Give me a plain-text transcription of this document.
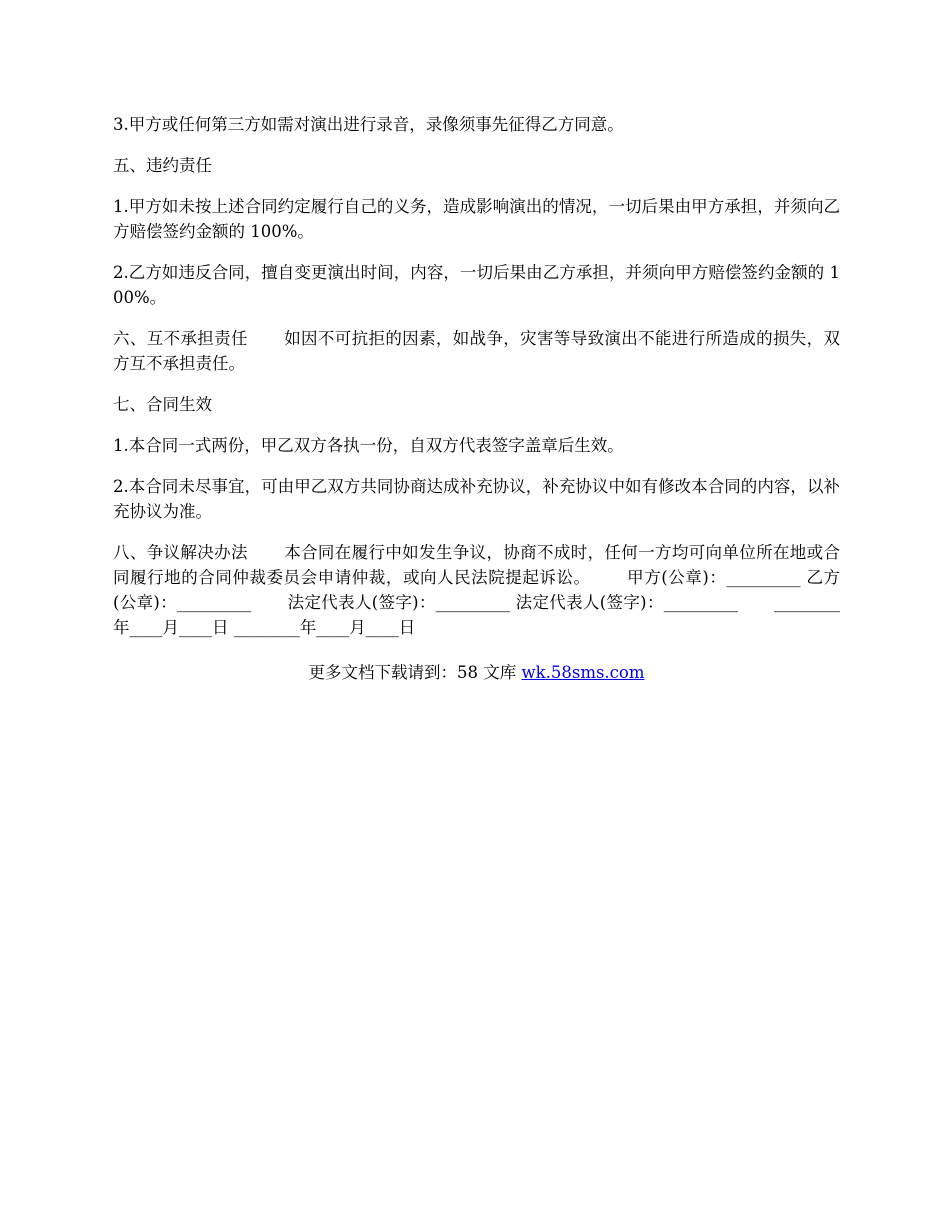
3.甲方或任何第三方如需对演出进行录音，录像须事先征得乙方同意。

五、违约责任

1.甲方如未按上述合同约定履行自己的义务，造成影响演出的情况，一切后果由甲方承担，并须向乙方赔偿签约金额的 100%。

2.乙方如违反合同，擅自变更演出时间，内容，一切后果由乙方承担，并须向甲方赔偿签约金额的 100%。

六、互不承担责任 如因不可抗拒的因素，如战争，灾害等导致演出不能进行所造成的损失，双方互不承担责任。

七、合同生效

1.本合同一式两份，甲乙双方各执一份，自双方代表签字盖章后生效。

2.本合同未尽事宜，可由甲乙双方共同协商达成补充协议，补充协议中如有修改本合同的内容，以补充协议为准。

八、争议解决办法 本合同在履行中如发生争议，协商不成时，任何一方均可向单位所在地或合同履行地的合同仲裁委员会申请仲裁，或向人民法院提起诉讼。 甲方(公章)：_________ 乙方(公章)：_________ 法定代表人(签字)：_________ 法定代表人(签字)：_________ ________年____月____日 ________年____月____日

更多文档下载请到：58 文库 wk.58sms.com
